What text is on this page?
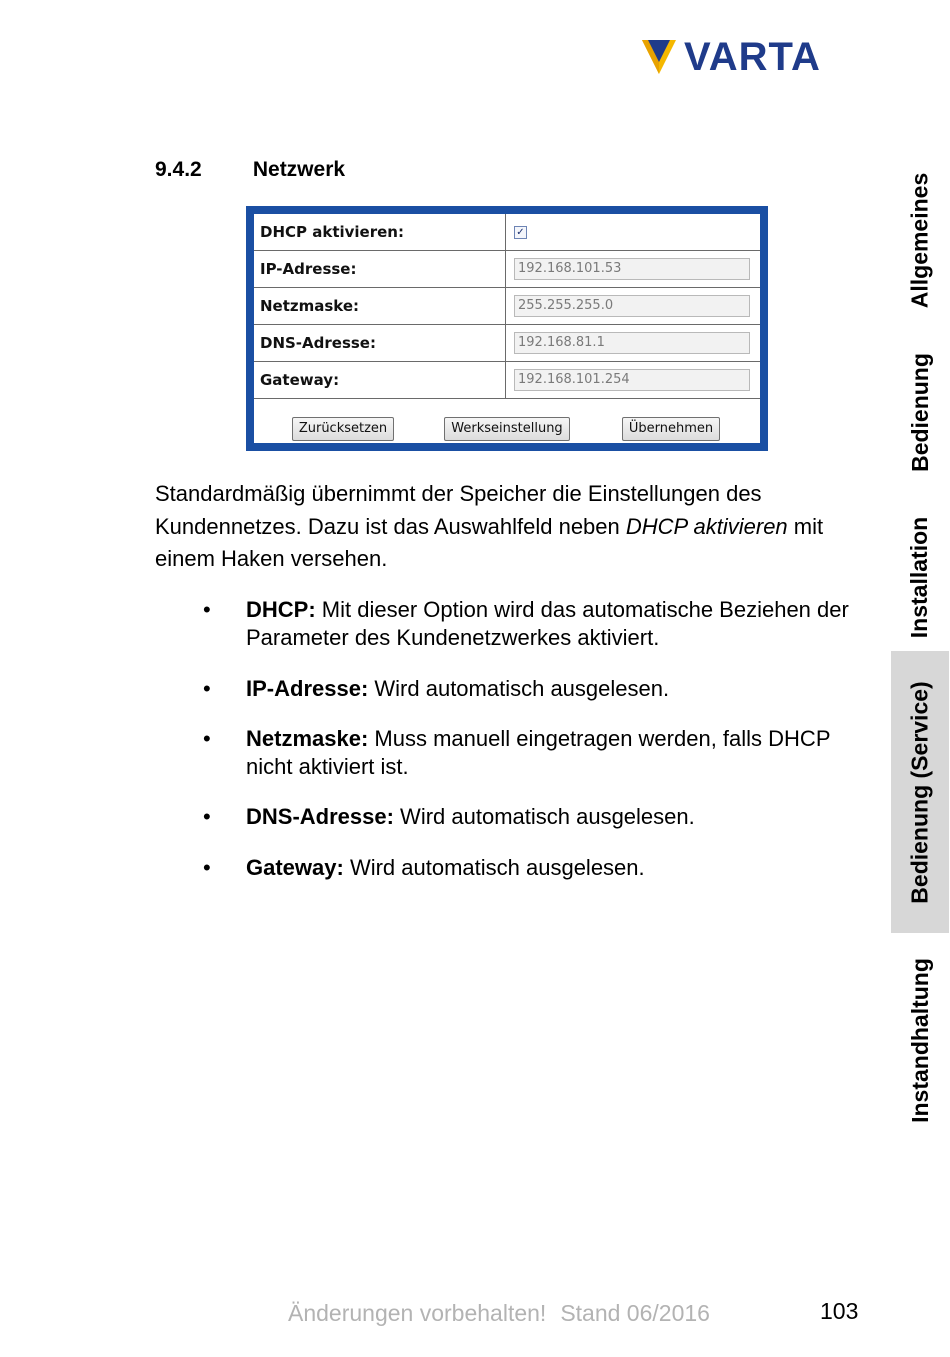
VARTA
9.4.2 Netzwerk
DHCP aktivieren:	✓
IP-Adresse:	192.168.101.53
Netzmaske:	255.255.255.0
DNS-Adresse:	192.168.81.1
Gateway:	192.168.101.254
Zurücksetzen	Werkseinstellung	Übernehmen

Standardmäßig übernimmt der Speicher die Einstellungen des Kundennetzes. Dazu ist das Auswahlfeld neben DHCP aktivieren mit einem Haken versehen.

• DHCP: Mit dieser Option wird das automatische Beziehen der Parameter des Kundenetzwerkes aktiviert.
• IP-Adresse: Wird automatisch ausgelesen.
• Netzmaske: Muss manuell eingetragen werden, falls DHCP nicht aktiviert ist.
• DNS-Adresse: Wird automatisch ausgelesen.
• Gateway: Wird automatisch ausgelesen.
Allgemeines
Bedienung
Installation
Bedienung (Service)
Instandhaltung
Änderungen vorbehalten! Stand 06/2016	103
